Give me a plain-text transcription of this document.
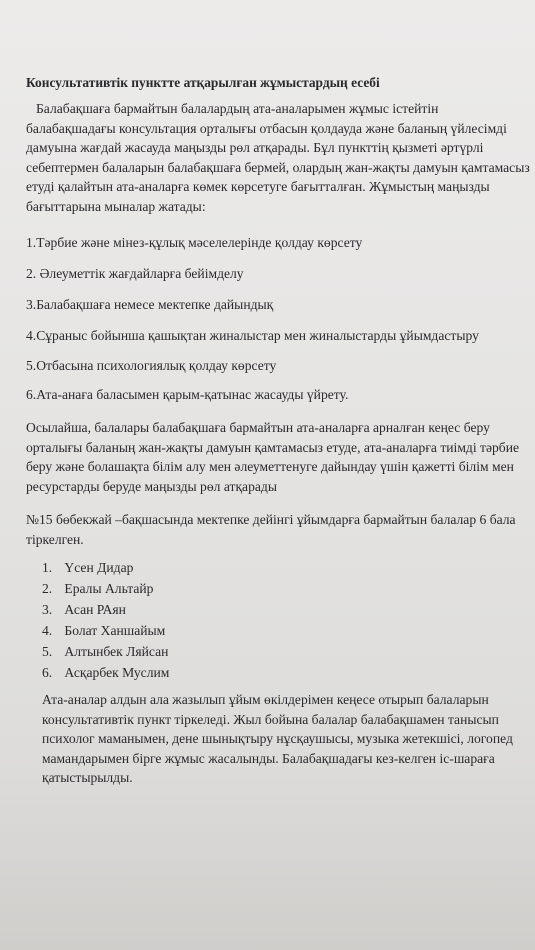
Консультативтік пунктте атқарылған жұмыстардың есебі
Балабақшаға бармайтын балалардың ата-аналарымен жұмыс істейтін балабақшадағы консультация орталығы отбасын қолдауда және баланың үйлесімді дамуына жағдай жасауда маңызды рөл атқарады. Бұл пункттің қызметі әртүрлі себептермен балаларын балабақшаға бермей, олардың жан-жақты дамуын қамтамасыз етуді қалайтын ата-аналарға көмек көрсетуге бағытталған. Жұмыстың маңызды бағыттарына мыналар жатады:
1.Тәрбие және мінез-құлық мәселелерінде қолдау көрсету
2. Әлеуметтік жағдайларға бейімделу
3.Балабақшаға немесе мектепке дайындық
4.Сұраныс бойынша қашықтан жиналыстар мен жиналыстарды ұйымдастыру
5.Отбасына психологиялық қолдау көрсету
6.Ата-анаға баласымен қарым-қатынас жасауды үйрету.
Осылайша, балалары балабақшаға бармайтын ата-аналарға арналған кеңес беру орталығы баланың жан-жақты дамуын қамтамасыз етуде, ата-аналарға тиімді тәрбие беру және болашақта білім алу мен әлеуметтенуге дайындау үшін қажетті білім мен ресурстарды беруде маңызды рөл атқарады
№15 бөбекжай –бақшасында мектепке дейінгі ұйымдарға бармайтын балалар 6 бала тіркелген.
1. Үсен Дидар
2. Ералы Альтайр
3. Асан РАян
4. Болат Ханшайым
5. Алтынбек Ляйсан
6. Асқарбек Муслим
Ата-аналар алдын ала жазылып ұйым өкілдерімен кеңесе отырып балаларын консультативтік пункт тіркеледі. Жыл бойына балалар балабақшамен танысып психолог маманымен, дене шынықтыру нұсқаушысы, музыка жетекшісі, логопед мамандарымен бірге жұмыс жасалынды. Балабақшадағы кез-келген іс-шараға қатыстырылды.
